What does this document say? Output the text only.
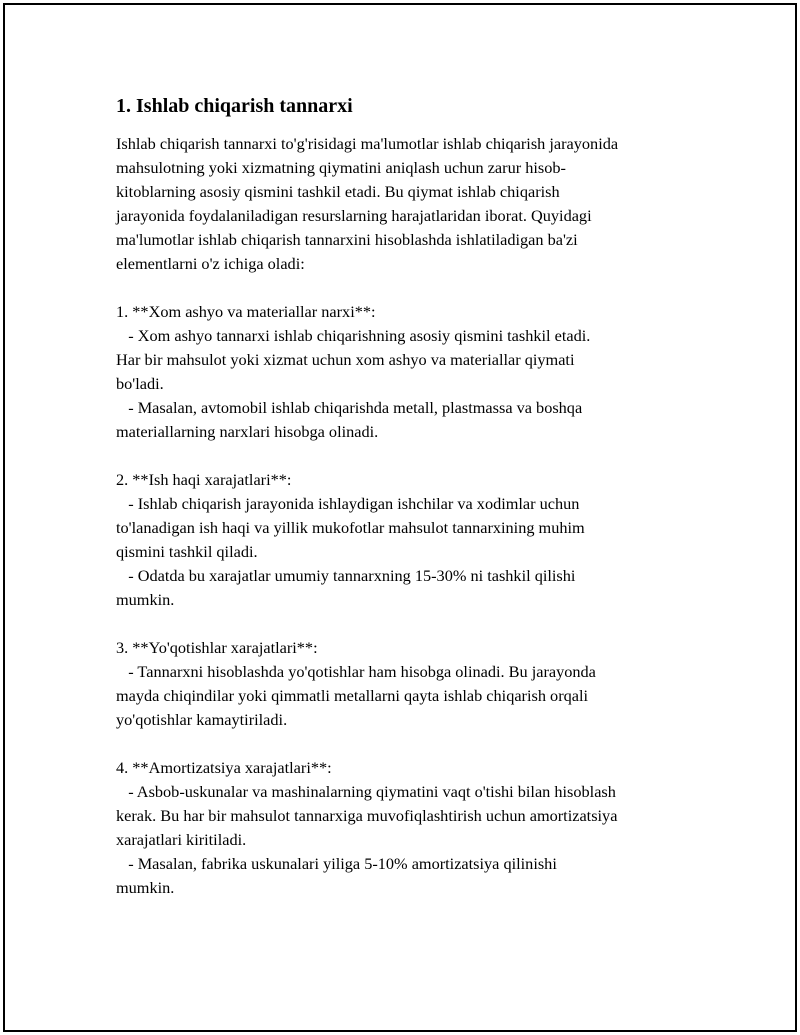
1. Ishlab chiqarish tannarxi

Ishlab chiqarish tannarxi to'g'risidagi ma'lumotlar ishlab chiqarish jarayonida
mahsulotning yoki xizmatning qiymatini aniqlash uchun zarur hisob-
kitoblarning asosiy qismini tashkil etadi. Bu qiymat ishlab chiqarish
jarayonida foydalaniladigan resurslarning harajatlaridan iborat. Quyidagi
ma'lumotlar ishlab chiqarish tannarxini hisoblashda ishlatiladigan ba'zi
elementlarni o'z ichiga oladi:

1. **Xom ashyo va materiallar narxi**:
- Xom ashyo tannarxi ishlab chiqarishning asosiy qismini tashkil etadi.
Har bir mahsulot yoki xizmat uchun xom ashyo va materiallar qiymati
bo'ladi.
- Masalan, avtomobil ishlab chiqarishda metall, plastmassa va boshqa
materiallarning narxlari hisobga olinadi.

2. **Ish haqi xarajatlari**:
- Ishlab chiqarish jarayonida ishlaydigan ishchilar va xodimlar uchun
to'lanadigan ish haqi va yillik mukofotlar mahsulot tannarxining muhim
qismini tashkil qiladi.
- Odatda bu xarajatlar umumiy tannarxning 15-30% ni tashkil qilishi
mumkin.

3. **Yo'qotishlar xarajatlari**:
- Tannarxni hisoblashda yo'qotishlar ham hisobga olinadi. Bu jarayonda
mayda chiqindilar yoki qimmatli metallarni qayta ishlab chiqarish orqali
yo'qotishlar kamaytiriladi.

4. **Amortizatsiya xarajatlari**:
- Asbob-uskunalar va mashinalarning qiymatini vaqt o'tishi bilan hisoblash
kerak. Bu har bir mahsulot tannarxiga muvofiqlashtirish uchun amortizatsiya
xarajatlari kiritiladi.
- Masalan, fabrika uskunalari yiliga 5-10% amortizatsiya qilinishi
mumkin.
